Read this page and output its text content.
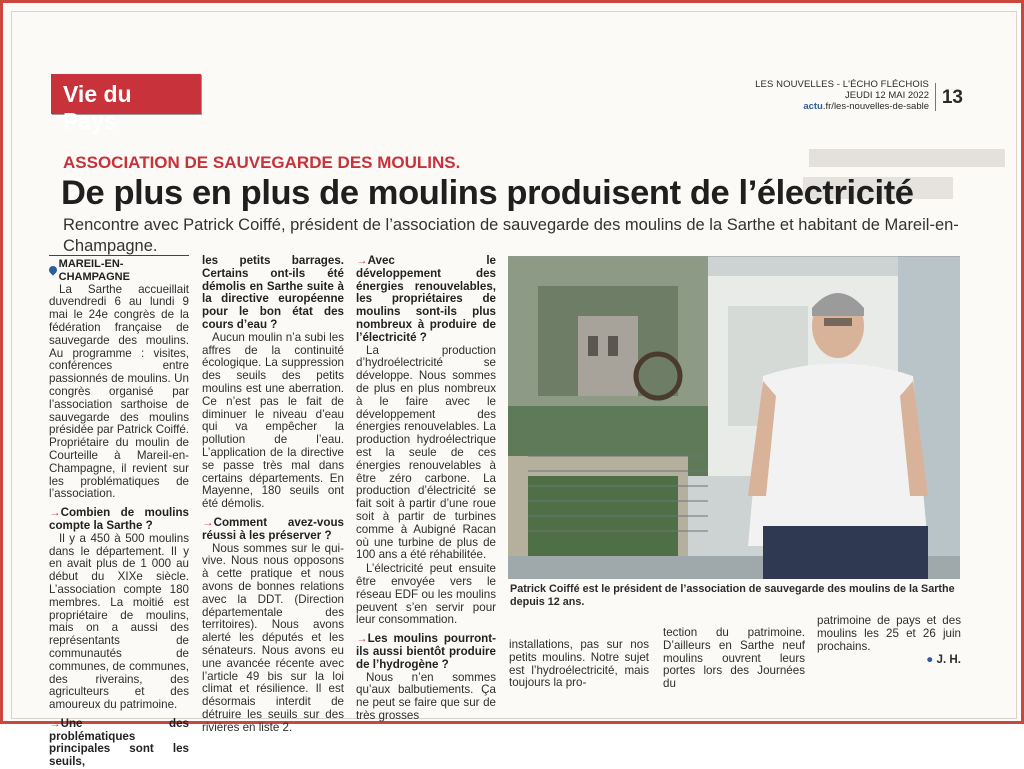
Vie du Pays
LES NOUVELLES - L'ÉCHO FLÉCHOIS
JEUDI 12 MAI 2022
actu.fr/les-nouvelles-de-sable 13
ASSOCIATION DE SAUVEGARDE DES MOULINS.
De plus en plus de moulins produisent de l’électricité
Rencontre avec Patrick Coiffé, président de l’association de sauvegarde des moulins de la Sarthe et habitant de Mareil-en-Champagne.
MAREIL-EN-CHAMPAGNE

La Sarthe accueillait duvendredi 6 au lundi 9 mai le 24e congrès de la fédération française de sauvegarde des moulins. Au programme : visites, conférences entre passionnés de moulins. Un congrès organisé par l’association sarthoise de sauvegarde des moulins présidée par Patrick Coiffé. Propriétaire du moulin de Courteille à Mareil-en-Champagne, il revient sur les problématiques de l’association.

→Combien de moulins compte la Sarthe ?

Il y a 450 à 500 moulins dans le département. Il y en avait plus de 1 000 au début du XIXe siècle. L’association compte 180 membres. La moitié est propriétaire de moulins, mais on a aussi des représentants de communautés de communes, de communes, des riverains, des agriculteurs et des amoureux du patrimoine.

→Une des problématiques principales sont les seuils,
les petits barrages. Certains ont-ils été démolis en Sarthe suite à la directive européenne pour le bon état des cours d’eau ?

Aucun moulin n’a subi les affres de la continuité écologique. La suppression des seuils des petits moulins est une aberration. Ce n’est pas le fait de diminuer le niveau d’eau qui va empêcher la pollution de l’eau. L’application de la directive se passe très mal dans certains départements. En Mayenne, 180 seuils ont été démolis.

→Comment avez-vous réussi à les préserver ?

Nous sommes sur le qui-vive. Nous nous opposons à cette pratique et nous avons de bonnes relations avec la DDT. (Direction départementale des territoires). Nous avons alerté les députés et les sénateurs. Nous avons eu une avancée récente avec l’article 49 bis sur la loi climat et résilience. Il est désormais interdit de détruire les seuils sur des rivières en liste 2.

→Avec le développement des énergies renouvelables, les propriétaires de moulins sont-ils plus nombreux à produire de l’électricité ?

La production d’hydroélectricité se développe. Nous sommes de plus en plus nombreux à le faire avec le développement des énergies renouvelables. La production hydroélectrique est la seule de ces énergies renouvelables à être zéro carbone. La production d’électricité se fait soit à partir d’une roue soit à partir de turbines comme à Aubigné Racan où une turbine de plus de 100 ans a été réhabilitée.

L’électricité peut ensuite être envoyée vers le réseau EDF ou les moulins peuvent s’en servir pour leur consommation.

→Les moulins pourront-ils aussi bientôt produire de l’hydrogène ?

Nous n’en sommes qu’aux balbutiements. Ça ne peut se faire que sur de très grosses

Patrick Coiffé est le président de l’association de sauvegarde des moulins de la Sarthe depuis 12 ans.
installations, pas sur nos petits moulins. Notre sujet est l’hydroélectricité, mais toujours la pro-
tection du patrimoine. D’ailleurs en Sarthe neuf moulins ouvrent leurs portes lors des Journées du
patrimoine de pays et des moulins les 25 et 26 juin prochains.
● J. H.
